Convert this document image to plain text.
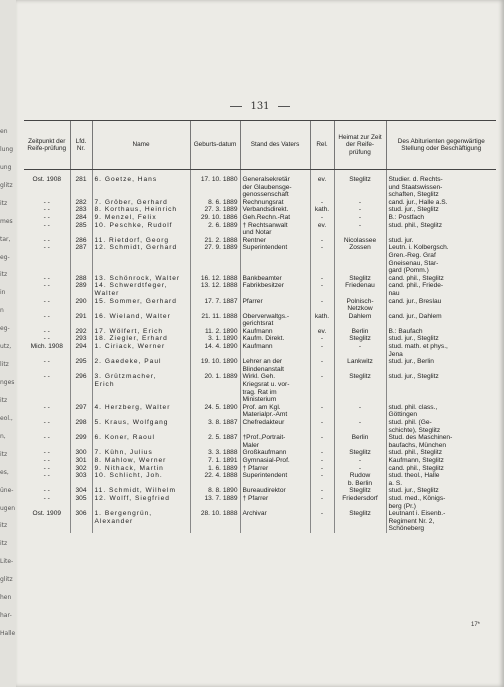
en
lung
ung
glitz
itz
mes
tar,
eg-
itz
in
n
eg-
utz,
litz
nges
itz
eol.,
n,
itz
es,
üne-
ugen
itz
itz
Lite-
glitz
hen
har-
Halle
131
Zeitpunkt der Reife-prüfung	Lfd. Nr.	Name	Geburts-datum	Stand des Vaters	Rel.	Heimat zur Zeit der Reife-prüfung	Des Abiturienten gegenwärtige Stellung oder Beschäftigung
Ost. 1908	281	6. Goetze, Hans	17. 10. 1880	Generalsekretär	ev.	Steglitz	Studier. d. Rechts-
				der Glaubensge-			und Staatswissen-
				genossenschaft			schaften, Steglitz
- -	282	7. Gröber, Gerhard	8. 6. 1889	Rechnungsrat	-	-	cand. jur., Halle a.S.
- -	283	8. Korthaus, Heinrich	27. 3. 1889	Verbandsdirekt.	kath.	-	stud. jur., Steglitz
- -	284	9. Menzel, Felix	29. 10. 1886	Geh.Rechn.-Rat	-	-	B.: Postfach
- -	285	10. Peschke, Rudolf	2. 6. 1889	† Rechtsanwalt	ev.	-	stud. phil., Steglitz
				und Notar			
- -	286	11. Rietdorf, Georg	21. 2. 1888	Rentner	-	Nicolassee	stud. jur.
- -	287	12. Schmidt, Gerhard	27. 9. 1889	Superintendent	-	Zossen	Leutn. i. Kolbergsch.
							Gren.-Reg. Graf
							Gneisenau, Star-
							gard (Pomm.)
- -	288	13. Schönrock, Walter	16. 12. 1888	Bankbeamter	-	Steglitz	cand. phil., Steglitz
- -	289	14. Schwerdtfeger,	13. 12. 1888	Fabrikbesitzer	-	Friedenau	cand. phil., Friede-
		Walter					nau
- -	290	15. Sommer, Gerhard	17. 7. 1887	Pfarrer	-	Polnisch-	cand. jur., Breslau
						Netzkow	
- -	291	16. Wieland, Walter	21. 11. 1888	Oberverwaltgs.-	kath.	Dahlem	cand. jur., Dahlem
				gerichtsrat			
- -	292	17. Wölfert, Erich	11. 2. 1890	Kaufmann	ev.	Berlin	B.: Baufach
- -	293	18. Ziegler, Erhard	3. 1. 1890	Kaufm. Direkt.	-	Steglitz	stud. jur., Steglitz
Mich. 1908	294	1. Ciriack, Werner	14. 4. 1890	Kaufmann	-	-	stud. math. et phys.,
							Jena
- -	295	2. Gaedeke, Paul	19. 10. 1890	Lehrer an der	-	Lankwitz	stud. jur., Berlin
				Blindenanstalt			
- -	296	3. Grützmacher,	20. 1. 1889	Wirkl. Geh.	-	Steglitz	stud. jur., Steglitz
		Erich		Kriegsrat u. vor-			
				trag. Rat im			
				Ministerium			
- -	297	4. Herzberg, Walter	24. 5. 1890	Prof. am Kgl.	-	-	stud. phil. class.,
				Materialpr.-Amt			Göttingen
- -	298	5. Kraus, Wolfgang	3. 8. 1887	Chefredakteur	-	-	stud. phil. (Ge-
							schichte), Steglitz
- -	299	6. Koner, Raoul	2. 5. 1887	†Prof.,Portrait-	-	Berlin	Stud. des Maschinen-
				Maler			baufachs, München
- -	300	7. Kühn, Julius	3. 3. 1888	Großkaufmann	-	Steglitz	stud. phil., Steglitz
- -	301	8. Mahlow, Werner	7. 1. 1891	Gymnasial-Prof.	-	-	Kaufmann, Steglitz
- -	302	9. Nithack, Martin	1. 6. 1889	† Pfarrer	-	-	cand. phil., Steglitz
- -	303	10. Schlicht, Joh.	22. 4. 1888	Superintendent	-	Rudow	stud. theol., Halle
						b. Berlin	a. S.
- -	304	11. Schmidt, Wilhelm	8. 8. 1890	Bureaudirektor	-	Steglitz	stud. jur., Steglitz
- -	305	12. Wolff, Siegfried	13. 7. 1889	† Pfarrer	-	Friedersdorf	stud. med., Königs-
							berg (Pr.)
Ost. 1909	306	1. Bergengrün,	28. 10. 1888	Archivar	-	Steglitz	Leutnant i. Eisenb.-
		Alexander					Regiment Nr. 2,
							Schöneberg
17*
